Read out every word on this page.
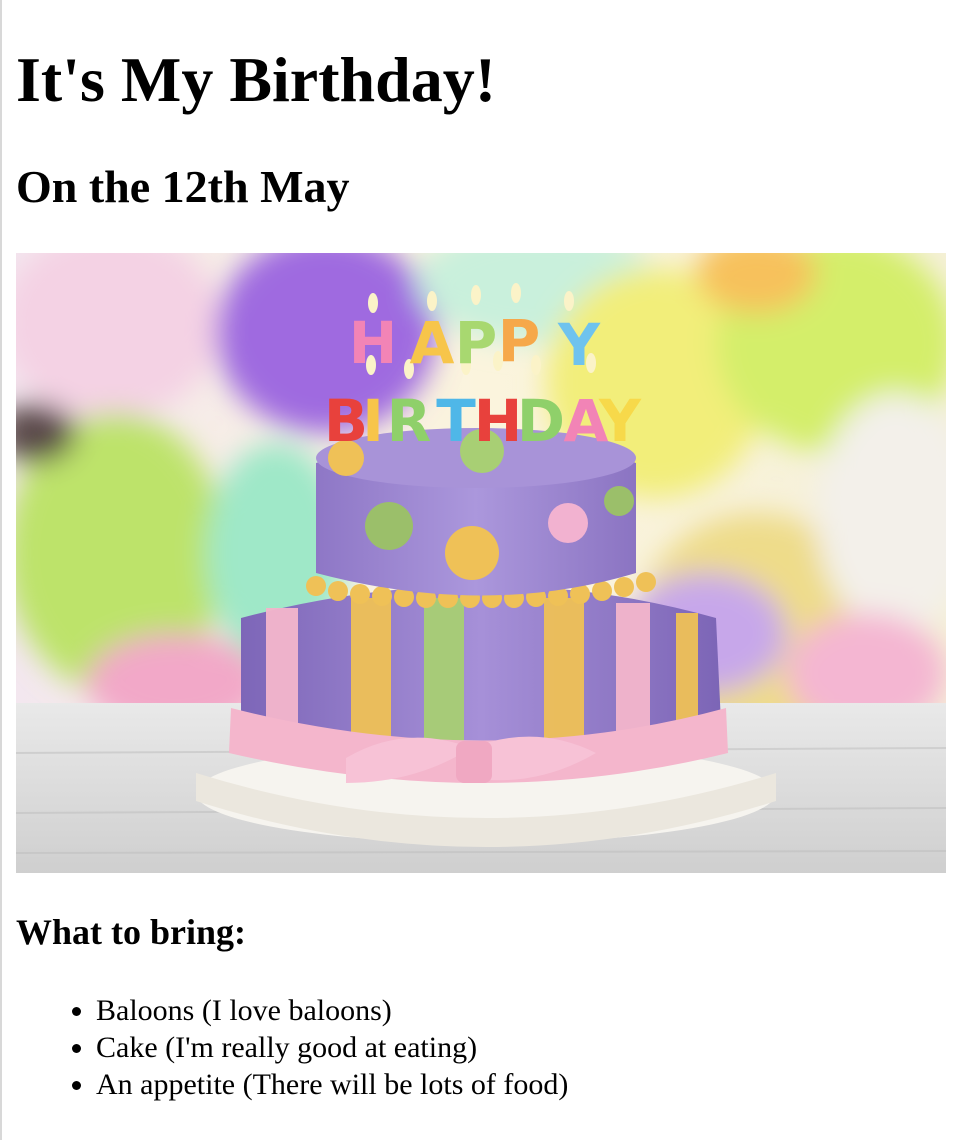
It's My Birthday!
On the 12th May
H A P P Y
B
I R T
H
D
A
Y
What to bring:
• Baloons (I love baloons)
• Cake (I'm really good at eating)
• An appetite (There will be lots of food)
